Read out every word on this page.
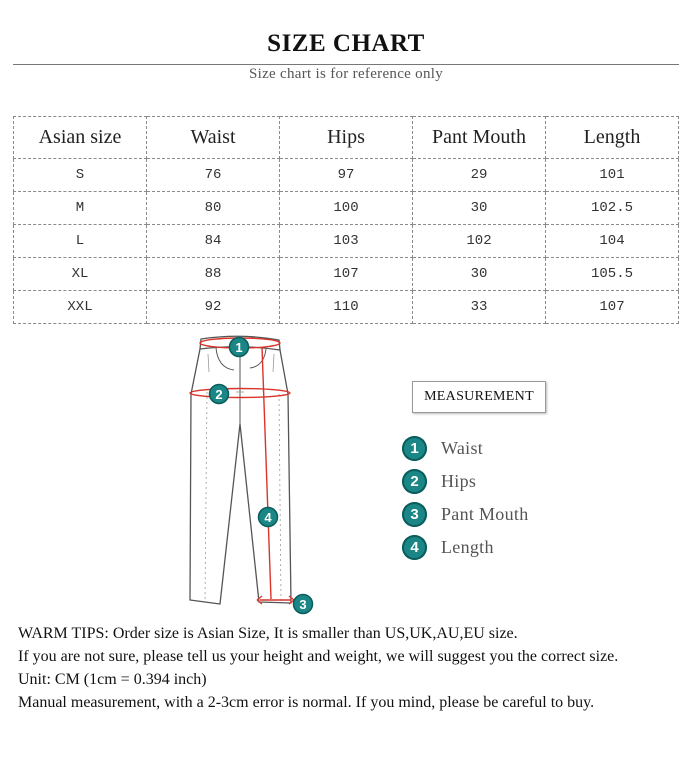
SIZE CHART
Size chart is for reference only
Asian size	Waist	Hips	Pant Mouth	Length
S	76	97	29	101
M	80	100	30	102.5
L	84	103	102	104
XL	88	107	30	105.5
XXL	92	110	33	107
1
2
4
3
MEASUREMENT
1	Waist
2	Hips
3	Pant Mouth
4	Length

WARM TIPS: Order size is Asian Size, It is smaller than US,UK,AU,EU size.

If you are not sure, please tell us your height and weight, we will suggest you the correct size.

Unit: CM (1cm = 0.394 inch)

Manual measurement, with a 2-3cm error is normal. If you mind, please be careful to buy.
